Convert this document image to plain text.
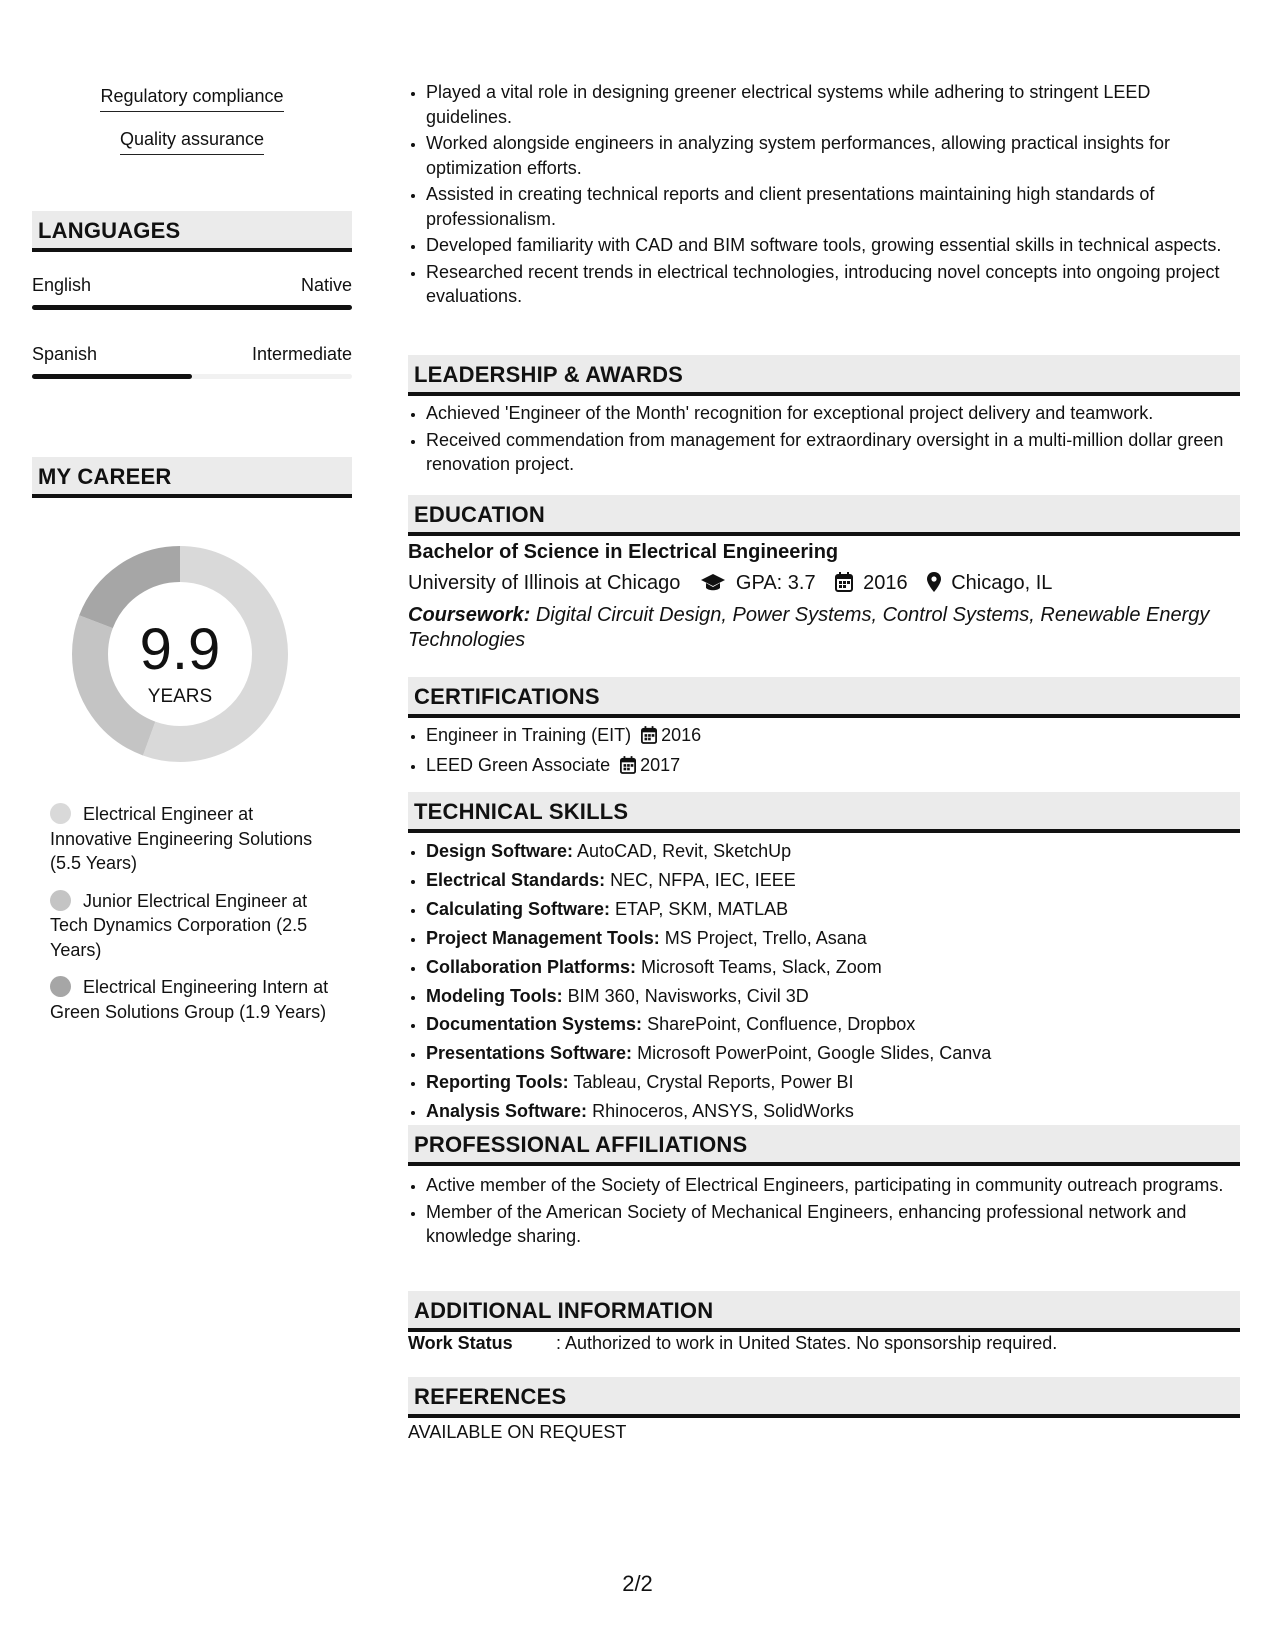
Regulatory compliance
Quality assurance
LANGUAGES
English	Native
Spanish	Intermediate
MY CAREER
9.9
YEARS
Electrical Engineer at Innovative Engineering Solutions (5.5 Years)
Junior Electrical Engineer at Tech Dynamics Corporation (2.5 Years)
Electrical Engineering Intern at Green Solutions Group (1.9 Years)
• Played a vital role in designing greener electrical systems while adhering to stringent LEED guidelines.
• Worked alongside engineers in analyzing system performances, allowing practical insights for optimization efforts.
• Assisted in creating technical reports and client presentations maintaining high standards of professionalism.
• Developed familiarity with CAD and BIM software tools, growing essential skills in technical aspects.
• Researched recent trends in electrical technologies, introducing novel concepts into ongoing project evaluations.
LEADERSHIP & AWARDS
• Achieved 'Engineer of the Month' recognition for exceptional project delivery and teamwork.
• Received commendation from management for extraordinary oversight in a multi-million dollar green renovation project.
EDUCATION
Bachelor of Science in Electrical Engineering
University of Illinois at Chicago	GPA: 3.7 2016 Chicago, IL
Coursework: Digital Circuit Design, Power Systems, Control Systems, Renewable Energy Technologies
CERTIFICATIONS
• Engineer in Training (EIT) 2016
• LEED Green Associate 2017
TECHNICAL SKILLS
• Design Software: AutoCAD, Revit, SketchUp
• Electrical Standards: NEC, NFPA, IEC, IEEE
• Calculating Software: ETAP, SKM, MATLAB
• Project Management Tools: MS Project, Trello, Asana
• Collaboration Platforms: Microsoft Teams, Slack, Zoom
• Modeling Tools: BIM 360, Navisworks, Civil 3D
• Documentation Systems: SharePoint, Confluence, Dropbox
• Presentations Software: Microsoft PowerPoint, Google Slides, Canva
• Reporting Tools: Tableau, Crystal Reports, Power BI
• Analysis Software: Rhinoceros, ANSYS, SolidWorks
PROFESSIONAL AFFILIATIONS
• Active member of the Society of Electrical Engineers, participating in community outreach programs.
• Member of the American Society of Mechanical Engineers, enhancing professional network and knowledge sharing.
ADDITIONAL INFORMATION
Work Status : Authorized to work in United States. No sponsorship required.
REFERENCES
AVAILABLE ON REQUEST
2/2
